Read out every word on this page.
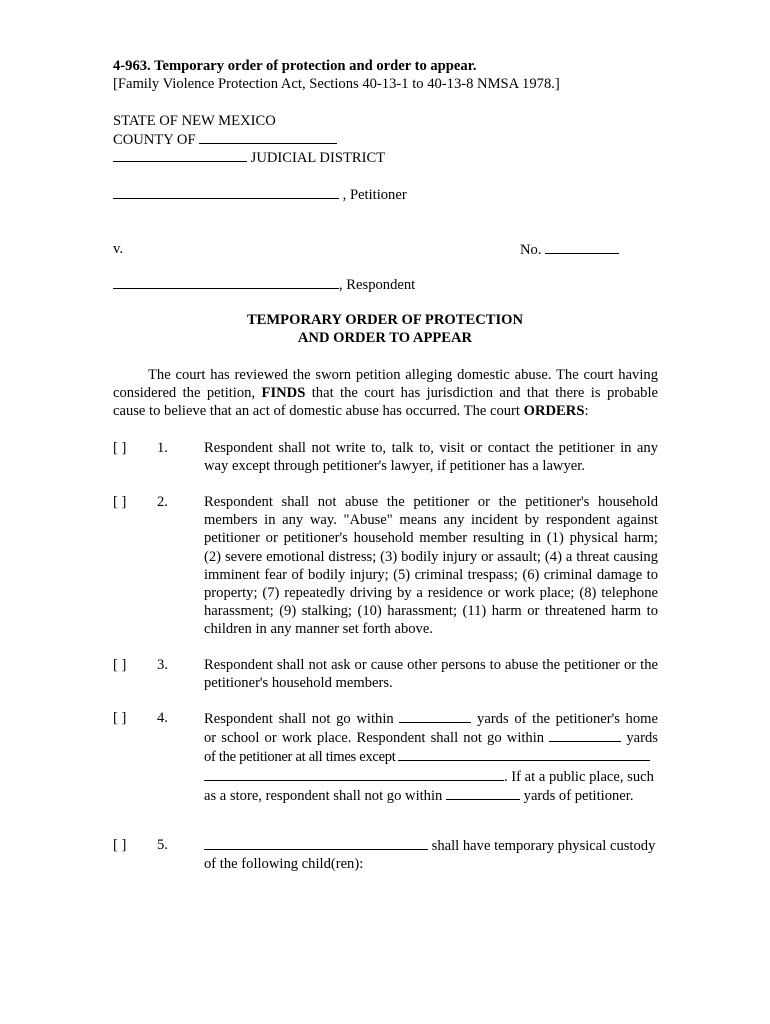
4-963. Temporary order of protection and order to appear.
[Family Violence Protection Act, Sections 40-13-1 to 40-13-8 NMSA 1978.]
STATE OF NEW MEXICO
COUNTY OF
JUDICIAL DISTRICT
, Petitioner
v.	No.
, Respondent
TEMPORARY ORDER OF PROTECTION
AND ORDER TO APPEAR
The court has reviewed the sworn petition alleging domestic abuse. The court having considered the petition, FINDS that the court has jurisdiction and that there is probable cause to believe that an act of domestic abuse has occurred. The court ORDERS:
[ ] 1. Respondent shall not write to, talk to, visit or contact the petitioner in any
way except through petitioner's lawyer, if petitioner has a lawyer.
[ ] 2. Respondent shall not abuse the petitioner or the petitioner's household
members in any way. "Abuse" means any incident by respondent against
petitioner or petitioner's household member resulting in (1) physical harm;
(2) severe emotional distress; (3) bodily injury or assault; (4) a threat causing
imminent fear of bodily injury; (5) criminal trespass; (6) criminal damage to
property; (7) repeatedly driving by a residence or work place; (8) telephone
harassment; (9) stalking; (10) harassment; (11) harm or threatened harm to
children in any manner set forth above.
[ ] 3. Respondent shall not ask or cause other persons to abuse the petitioner or the
petitioner's household members.
[ ] 4. Respondent shall not go within	yards of the petitioner's home
or school or work place. Respondent shall not go within	yards
of the petitioner at all times except
. If at a public place, such
as a store, respondent shall not go within	yards of petitioner.
[ ] 5.	shall have temporary physical custody
of the following child(ren):
